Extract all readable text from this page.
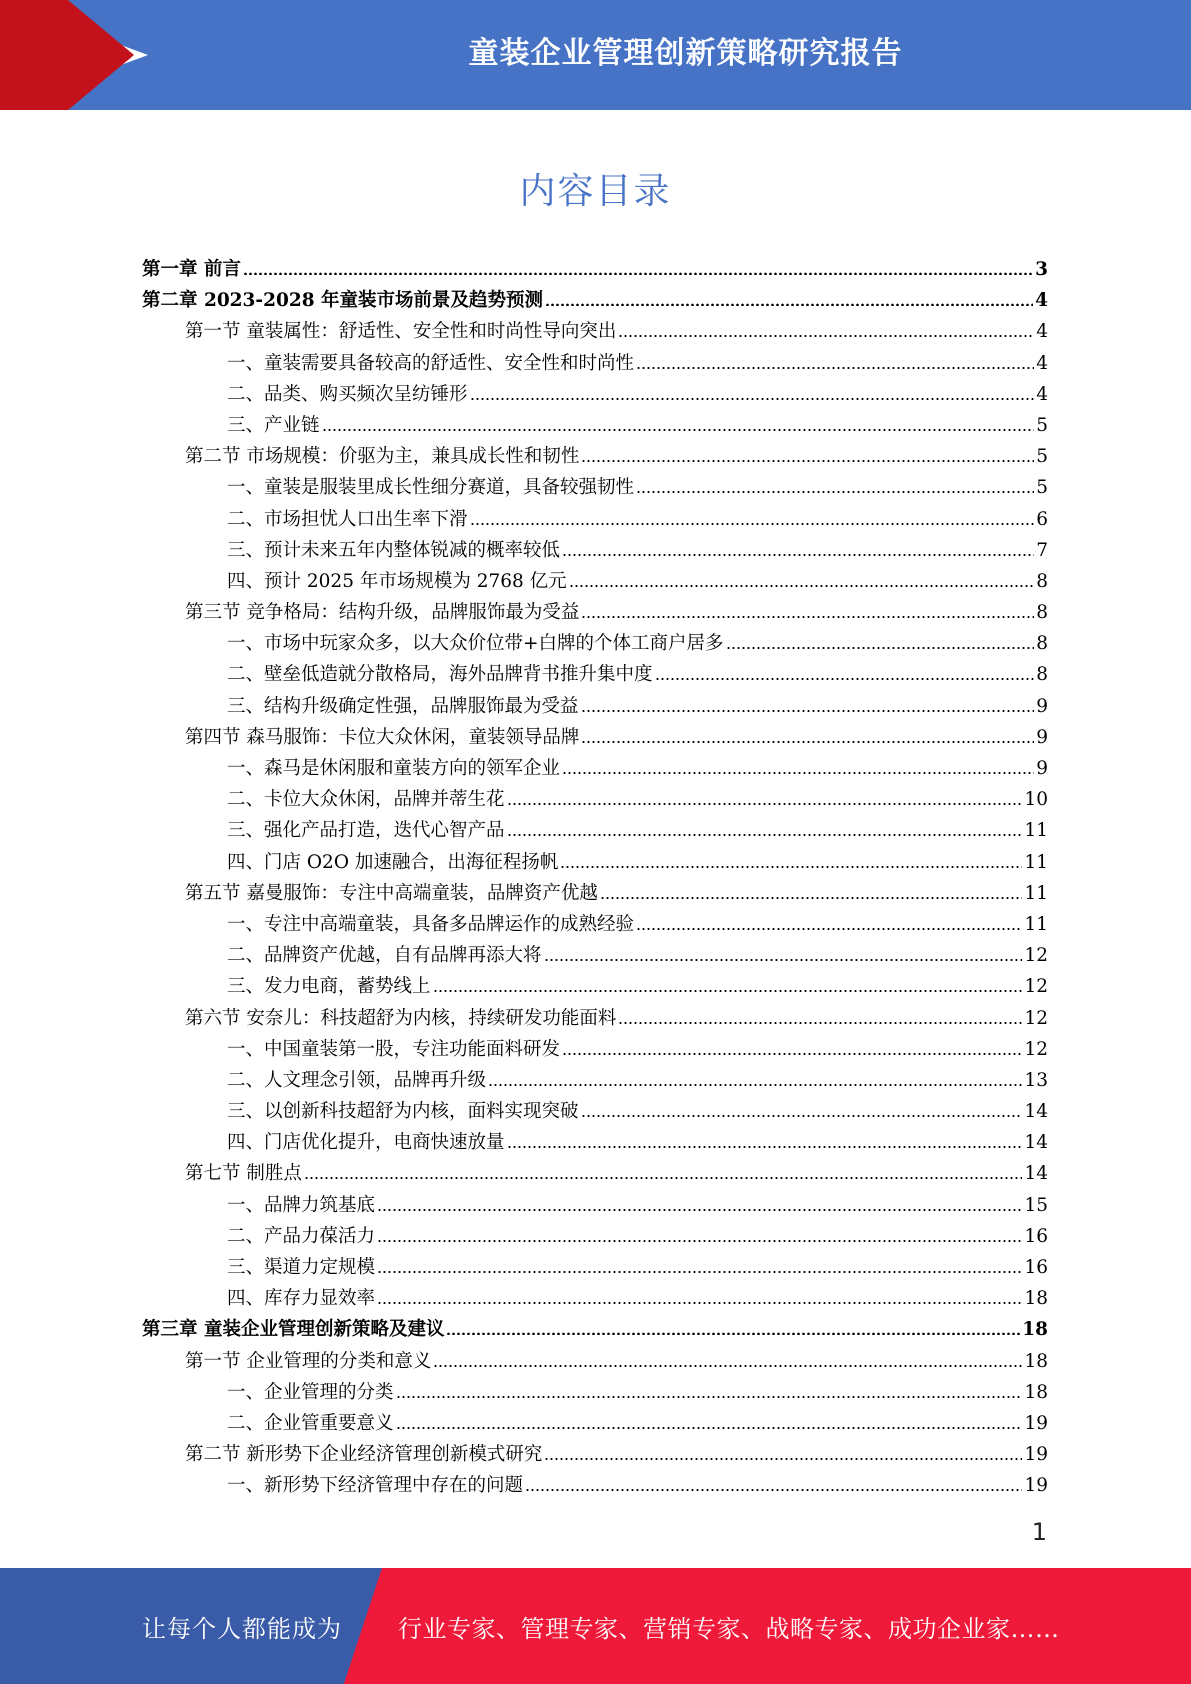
童装企业管理创新策略研究报告
内容目录
第一章 前言	3
第二章 2023-2028 年童装市场前景及趋势预测	4
第一节 童装属性：舒适性、安全性和时尚性导向突出	4
一、童装需要具备较高的舒适性、安全性和时尚性	4
二、品类、购买频次呈纺锤形	4
三、产业链	5
第二节 市场规模：价驱为主，兼具成长性和韧性	5
一、童装是服装里成长性细分赛道，具备较强韧性	5
二、市场担忧人口出生率下滑	6
三、预计未来五年内整体锐减的概率较低	7
四、预计 2025 年市场规模为 2768 亿元	8
第三节 竞争格局：结构升级，品牌服饰最为受益	8
一、市场中玩家众多，以大众价位带+白牌的个体工商户居多	8
二、壁垒低造就分散格局，海外品牌背书推升集中度	8
三、结构升级确定性强，品牌服饰最为受益	9
第四节 森马服饰：卡位大众休闲，童装领导品牌	9
一、森马是休闲服和童装方向的领军企业	9
二、卡位大众休闲，品牌并蒂生花	10
三、强化产品打造，迭代心智产品	11
四、门店 O2O 加速融合，出海征程扬帆	11
第五节 嘉曼服饰：专注中高端童装，品牌资产优越	11
一、专注中高端童装，具备多品牌运作的成熟经验	11
二、品牌资产优越，自有品牌再添大将	12
三、发力电商，蓄势线上	12
第六节 安奈儿：科技超舒为内核，持续研发功能面料	12
一、中国童装第一股，专注功能面料研发	12
二、人文理念引领，品牌再升级	13
三、以创新科技超舒为内核，面料实现突破	14
四、门店优化提升，电商快速放量	14
第七节 制胜点	14
一、品牌力筑基底	15
二、产品力葆活力	16
三、渠道力定规模	16
四、库存力显效率	18
第三章 童装企业管理创新策略及建议	18
第一节 企业管理的分类和意义	18
一、企业管理的分类	18
二、企业管重要意义	19
第二节 新形势下企业经济管理创新模式研究	19
一、新形势下经济管理中存在的问题	19
1
让每个人都能成为 行业专家、管理专家、营销专家、战略专家、成功企业家……
